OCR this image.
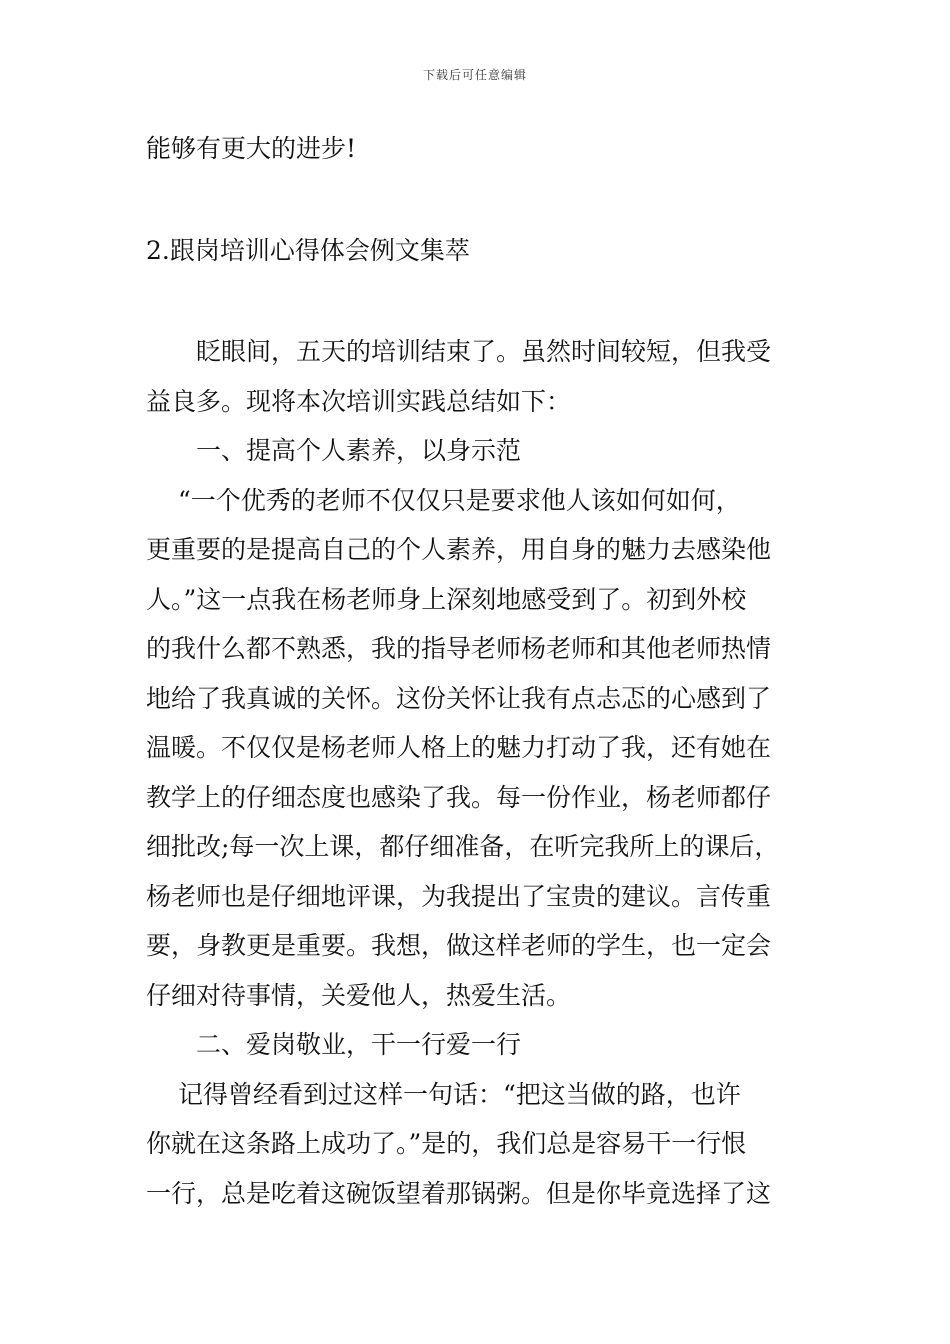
下载后可任意编辑
能够有更大的进步!
2.跟岗培训心得体会例文集萃
眨眼间，五天的培训结束了。虽然时间较短，但我受
益良多。现将本次培训实践总结如下：
一、提高个人素养，以身示范
“一个优秀的老师不仅仅只是要求他人该如何如何，
更重要的是提高自己的个人素养，用自身的魅力去感染他
人。”这一点我在杨老师身上深刻地感受到了。初到外校
的我什么都不熟悉，我的指导老师杨老师和其他老师热情
地给了我真诚的关怀。这份关怀让我有点忐忑的心感到了
温暖。不仅仅是杨老师人格上的魅力打动了我，还有她在
教学上的仔细态度也感染了我。每一份作业，杨老师都仔
细批改;每一次上课，都仔细准备，在听完我所上的课后，
杨老师也是仔细地评课，为我提出了宝贵的建议。言传重
要，身教更是重要。我想，做这样老师的学生，也一定会
仔细对待事情，关爱他人，热爱生活。
二、爱岗敬业，干一行爱一行
记得曾经看到过这样一句话：“把这当做的路，也许
你就在这条路上成功了。”是的，我们总是容易干一行恨
一行，总是吃着这碗饭望着那锅粥。但是你毕竟选择了这
